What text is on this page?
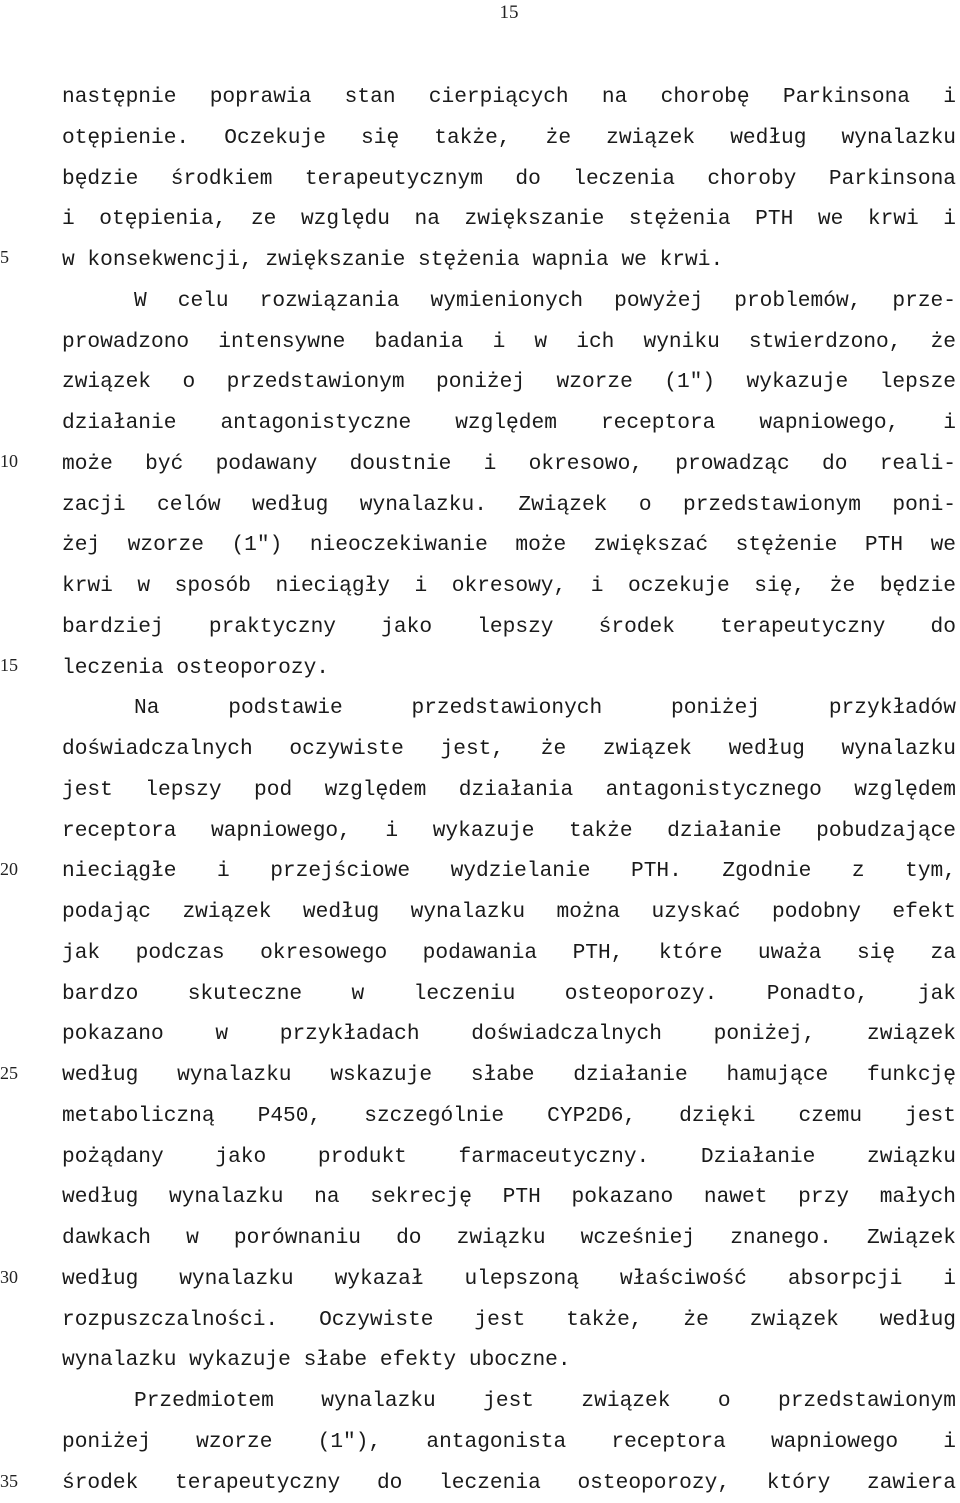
15
5
10
15
20
25
30
35
następnie poprawia stan cierpiących na chorobę Parkinsona i
otępienie. Oczekuje się także, że związek według wynalazku
będzie środkiem terapeutycznym do leczenia choroby Parkinsona
i otępienia, ze względu na zwiększanie stężenia PTH we krwi i
w konsekwencji, zwiększanie stężenia wapnia we krwi.
W celu rozwiązania wymienionych powyżej problemów, prze-
prowadzono intensywne badania i w ich wyniku stwierdzono, że
związek o przedstawionym poniżej wzorze (1″) wykazuje lepsze
działanie antagonistyczne względem receptora wapniowego, i
może być podawany doustnie i okresowo, prowadząc do reali-
zacji celów według wynalazku. Związek o przedstawionym poni-
żej wzorze (1″) nieoczekiwanie może zwiększać stężenie PTH we
krwi w sposób nieciągły i okresowy, i oczekuje się, że będzie
bardziej praktyczny jako lepszy środek terapeutyczny do
leczenia osteoporozy.
Na podstawie przedstawionych poniżej przykładów
doświadczalnych oczywiste jest, że związek według wynalazku
jest lepszy pod względem działania antagonistycznego względem
receptora wapniowego, i wykazuje także działanie pobudzające
nieciągłe i przejściowe wydzielanie PTH. Zgodnie z tym,
podając związek według wynalazku można uzyskać podobny efekt
jak podczas okresowego podawania PTH, które uważa się za
bardzo skuteczne w leczeniu osteoporozy. Ponadto, jak
pokazano w przykładach doświadczalnych poniżej, związek
według wynalazku wskazuje słabe działanie hamujące funkcję
metaboliczną P450, szczególnie CYP2D6, dzięki czemu jest
pożądany jako produkt farmaceutyczny. Działanie związku
według wynalazku na sekrecję PTH pokazano nawet przy małych
dawkach w porównaniu do związku wcześniej znanego. Związek
według wynalazku wykazał ulepszoną właściwość absorpcji i
rozpuszczalności. Oczywiste jest także, że związek według
wynalazku wykazuje słabe efekty uboczne.
Przedmiotem wynalazku jest związek o przedstawionym
poniżej wzorze (1″), antagonista receptora wapniowego i
środek terapeutyczny do leczenia osteoporozy, który zawiera
